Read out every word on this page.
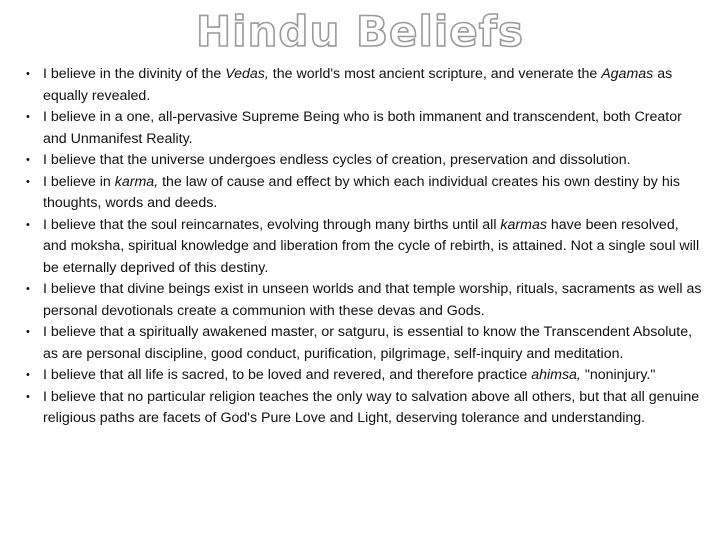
Hindu Beliefs
• I believe in the divinity of the Vedas, the world's most ancient scripture, and venerate the Agamas as equally revealed.
• I believe in a one, all-pervasive Supreme Being who is both immanent and transcendent, both Creator and Unmanifest Reality.
• I believe that the universe undergoes endless cycles of creation, preservation and dissolution.
• I believe in karma, the law of cause and effect by which each individual creates his own destiny by his thoughts, words and deeds.
• I believe that the soul reincarnates, evolving through many births until all karmas have been resolved, and moksha, spiritual knowledge and liberation from the cycle of rebirth, is attained. Not a single soul will be eternally deprived of this destiny.
• I believe that divine beings exist in unseen worlds and that temple worship, rituals, sacraments as well as personal devotionals create a communion with these devas and Gods.
• I believe that a spiritually awakened master, or satguru, is essential to know the Transcendent Absolute, as are personal discipline, good conduct, purification, pilgrimage, self-inquiry and meditation.
• I believe that all life is sacred, to be loved and revered, and therefore practice ahimsa, "noninjury."
• I believe that no particular religion teaches the only way to salvation above all others, but that all genuine religious paths are facets of God's Pure Love and Light, deserving tolerance and understanding.
